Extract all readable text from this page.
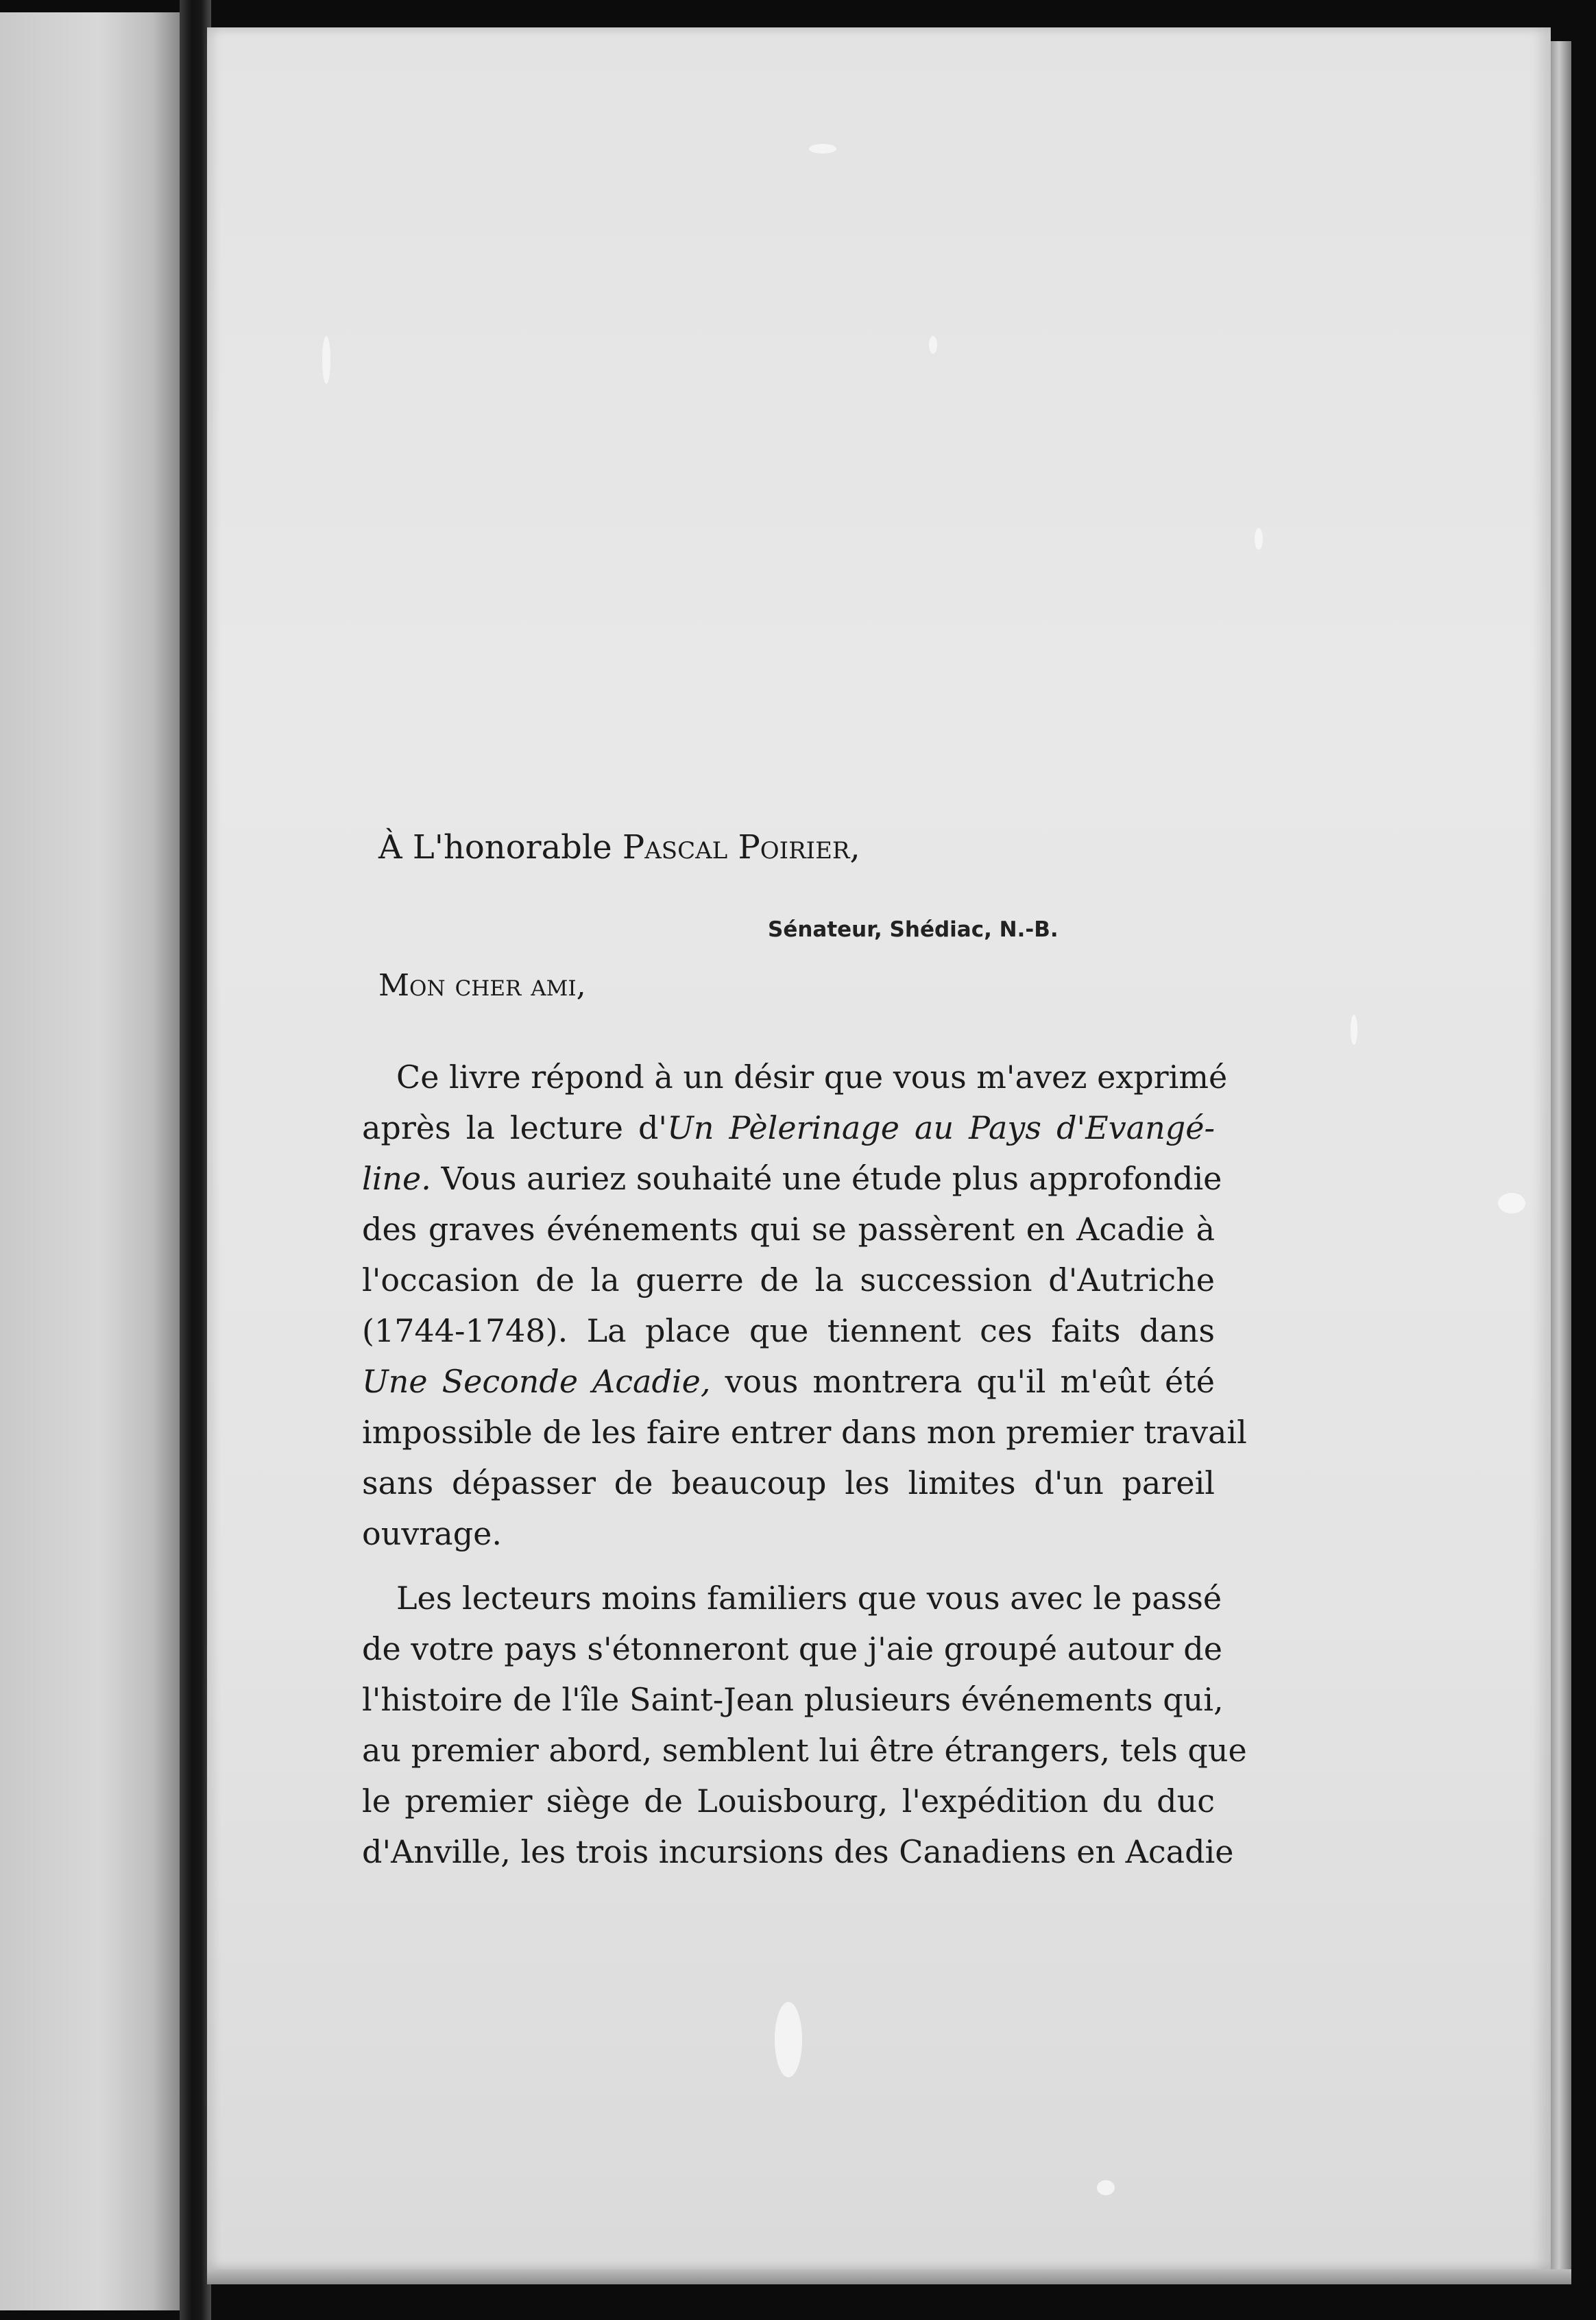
À L'honorable Pascal Poirier,
Sénateur, Shédiac, N.-B.
Mon cher ami,
Ce livre répond à un désir que vous m'avez exprimé
après la lecture d'Un Pèlerinage au Pays d'Evangé-
line. Vous auriez souhaité une étude plus approfondie
des graves événements qui se passèrent en Acadie à
l'occasion de la guerre de la succession d'Autriche
(1744-1748). La place que tiennent ces faits dans
Une Seconde Acadie, vous montrera qu'il m'eût été
impossible de les faire entrer dans mon premier travail
sans dépasser de beaucoup les limites d'un pareil
ouvrage.
Les lecteurs moins familiers que vous avec le passé
de votre pays s'étonneront que j'aie groupé autour de
l'histoire de l'île Saint-Jean plusieurs événements qui,
au premier abord, semblent lui être étrangers, tels que
le premier siège de Louisbourg, l'expédition du duc
d'Anville, les trois incursions des Canadiens en Acadie
